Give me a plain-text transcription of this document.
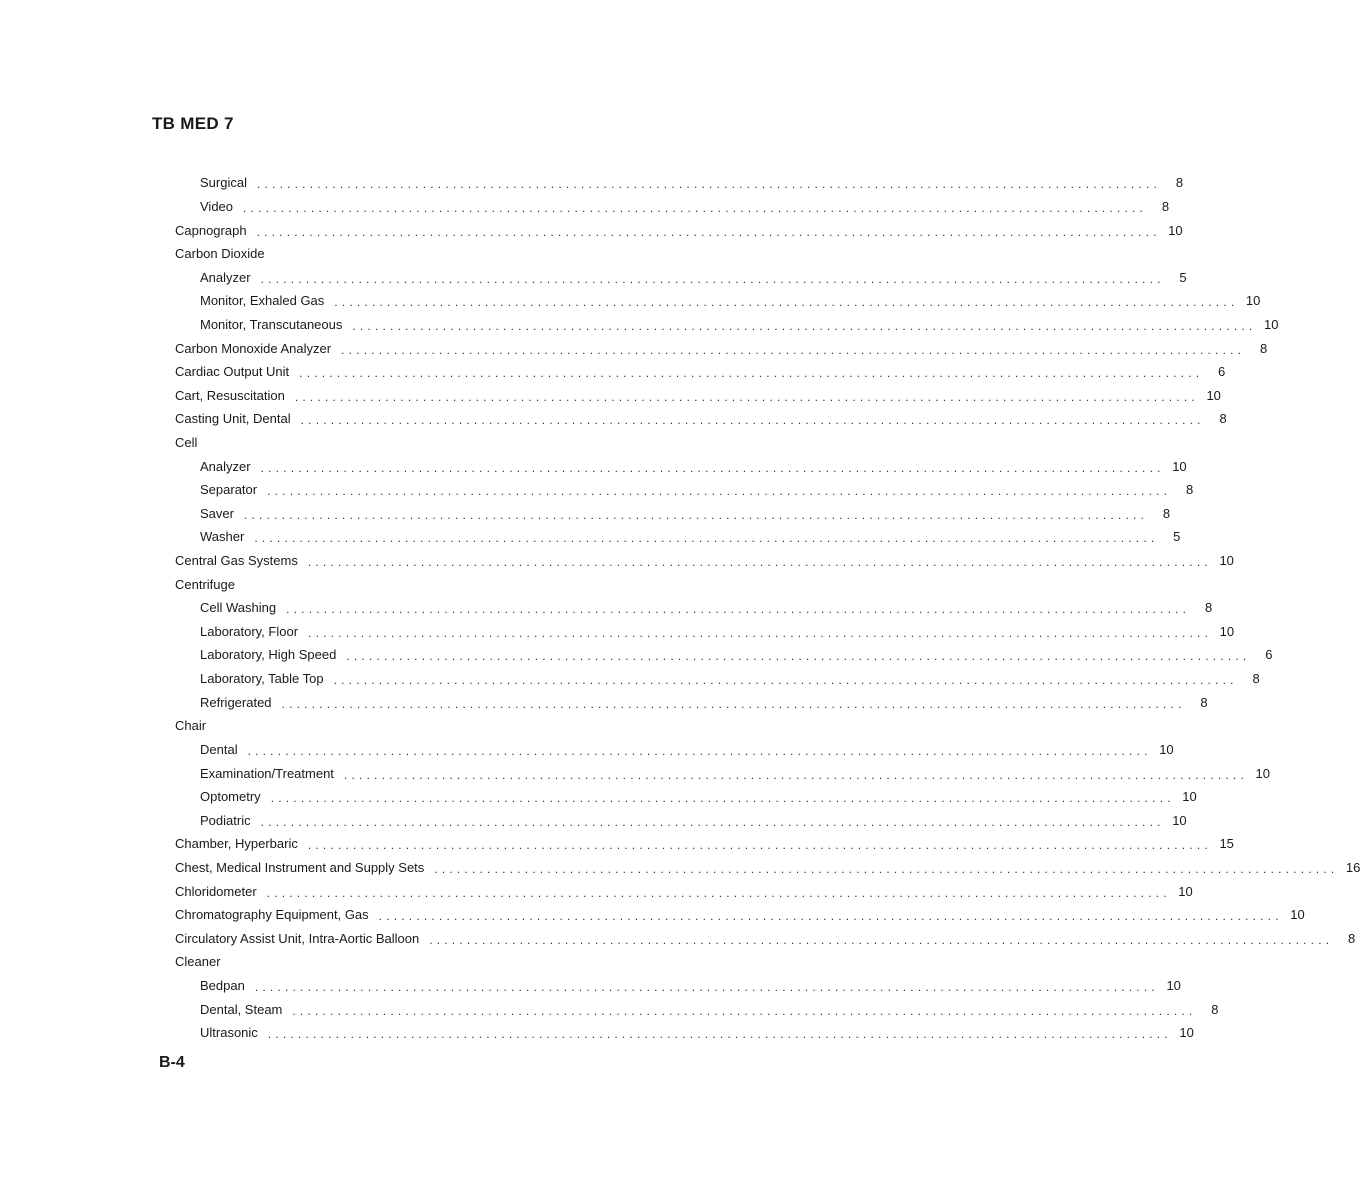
TB MED 7
Surgical ........................................................................................................................	8
Video ........................................................................................................................	8
Capnograph ........................................................................................................................ 10
Carbon Dioxide
Analyzer ........................................................................................................................	5
Monitor, Exhaled Gas ........................................................................................................................ 10
Monitor, Transcutaneous ........................................................................................................................ 10
Carbon Monoxide Analyzer ........................................................................................................................	8
Cardiac Output Unit ........................................................................................................................	6
Cart, Resuscitation ........................................................................................................................ 10
Casting Unit, Dental ........................................................................................................................	8
Cell
Analyzer ........................................................................................................................ 10
Separator ........................................................................................................................	8
Saver ........................................................................................................................	8
Washer ........................................................................................................................	5
Central Gas Systems ........................................................................................................................ 10
Centrifuge
Cell Washing ........................................................................................................................	8
Laboratory, Floor ........................................................................................................................ 10
Laboratory, High Speed ........................................................................................................................	6
Laboratory, Table Top ........................................................................................................................	8
Refrigerated ........................................................................................................................	8
Chair
Dental ........................................................................................................................ 10
Examination/Treatment ........................................................................................................................ 10
Optometry ........................................................................................................................ 10
Podiatric ........................................................................................................................ 10
Chamber, Hyperbaric ........................................................................................................................ 15
Chest, Medical Instrument and Supply Sets ........................................................................................................................ 16
Chloridometer ........................................................................................................................ 10
Chromatography Equipment, Gas ........................................................................................................................ 10
Circulatory Assist Unit, Intra-Aortic Balloon ........................................................................................................................	8
Cleaner
Bedpan ........................................................................................................................ 10
Dental, Steam ........................................................................................................................	8
Ultrasonic ........................................................................................................................ 10
B-4
